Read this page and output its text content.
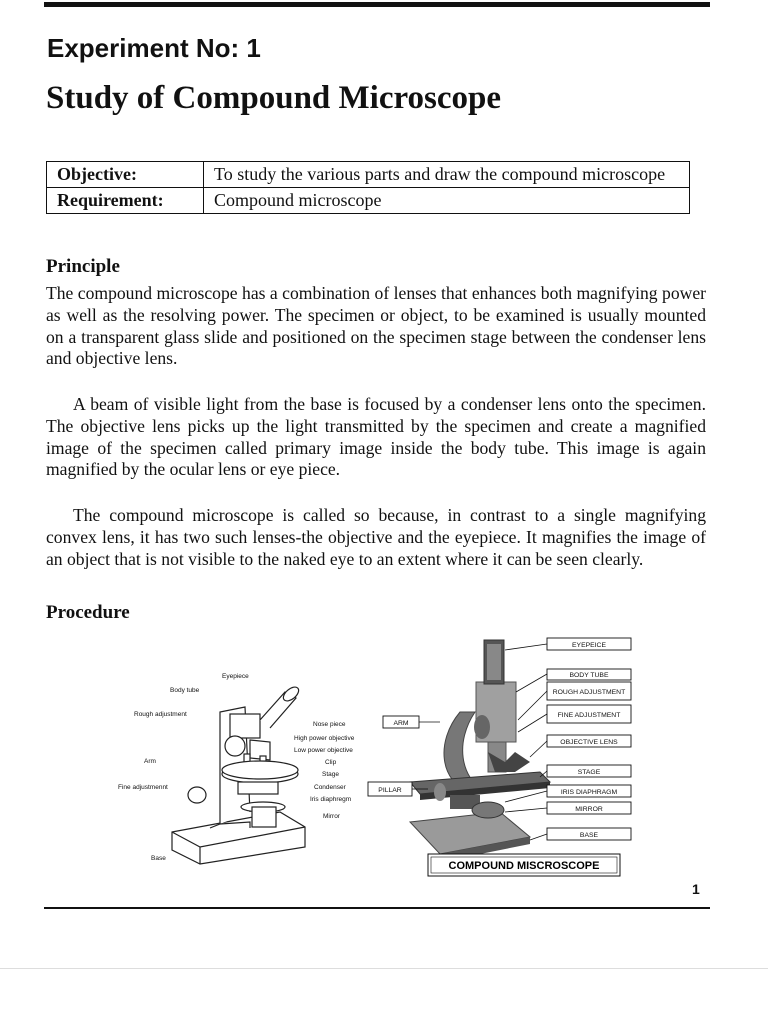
Experiment No: 1
Study of Compound Microscope
Objective:	To study the various parts and draw the compound microscope
Requirement:	Compound microscope
Principle

The compound microscope has a combination of lenses that enhances both magnifying power as well as the resolving power. The specimen or object, to be examined is usually mounted on a transparent glass slide and positioned on the specimen stage between the condenser lens and objective lens.

A beam of visible light from the base is focused by a condenser lens onto the specimen. The objective lens picks up the light transmitted by the specimen and create a magnified image of the specimen called primary image inside the body tube. This image is again magnified by the ocular lens or eye piece.

The compound microscope is called so because, in contrast to a single magnifying convex lens, it has two such lenses-the objective and the eyepiece. It magnifies the image of an object that is not visible to the naked eye to an extent where it can be seen clearly.

Procedure
Eyepiece
Body tube
Rough adjustment
Nose piece
High power objective
Low power objective
Arm	Clip
Stage
Fine adjustmennt	Condenser
Iris diaphregm
Mirror
Base
EYEPEICE
BODY TUBE
ROUGH ADJUSTMENT
FINE ADJUSTMENT
OBJECTIVE LENS
STAGE
IRIS DIAPHRAGM
MIRROR
BASE
ARM
PILLAR
COMPOUND MISCROSCOPE
1
